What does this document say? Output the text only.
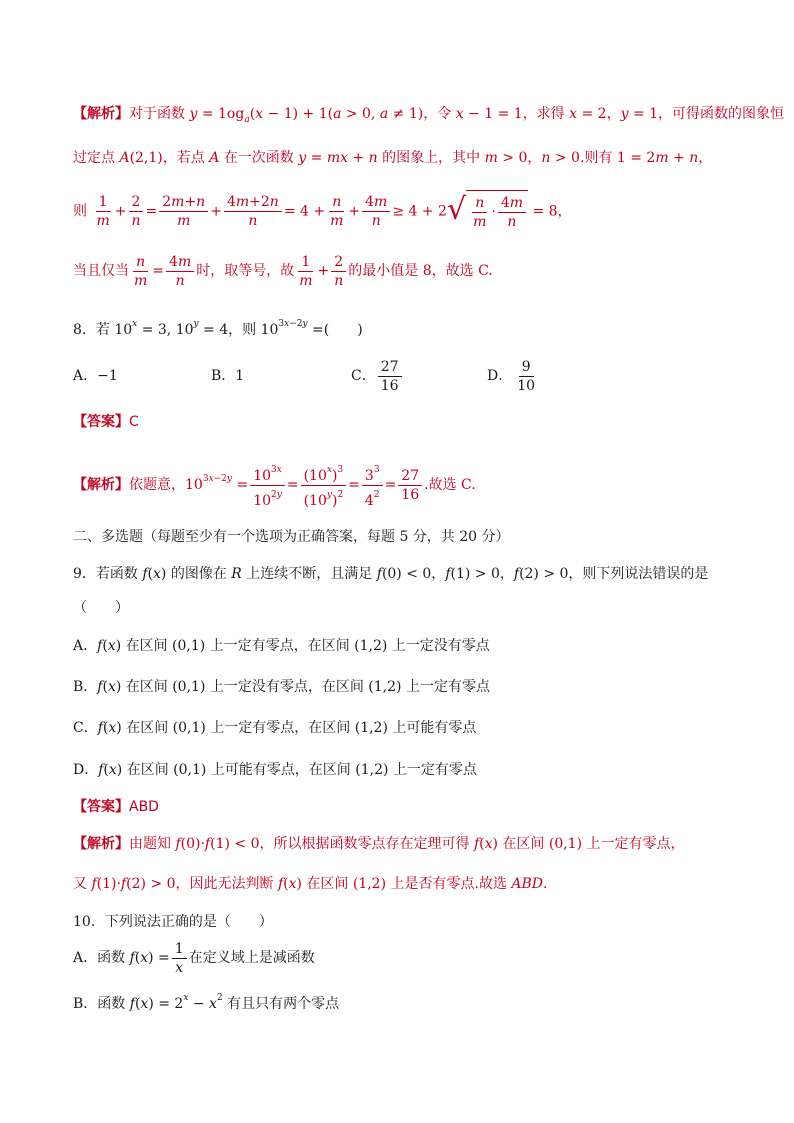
【解析】对于函数 $y = 1og_a(x - 1) + 1(a > 0$, a ≠ 1)，令 x − 1 = 1，求得 x = 2，y = 1，可得函数的图象恒
过定点 A(2,1)，若点 A 在一次函数 y = mx + n 的图象上，其中 m > 0，n > 0.则有 1 = 2m + n，
则 $\frac{1}{m} + \frac{2}{n} = \frac{2m+n}{m} + \frac{4m+2n}{n} = 4 + \frac{n}{m} + \frac{4m}{n} \ge 4 + 2$ √ $\frac{n}{m} \cdot \frac{4m}{n} = 8$，
当且仅当 $\frac{n}{m} = \frac{4m}{n}$ 时，取等号，故 $\frac{1}{m} + \frac{2}{n}$ 的最小值是 8，故选 C.
8．若 $10^x = 3$, $10^y = 4$，则 $10^{3x-2y}$ =(　　)
A．−1	B．1	C． $\frac{27}{16}$	D． $\frac{9}{10}$
【答案】C
【解析】依题意，$10^{3x-2y} = \frac{10^{3x}}{10^{2y}} = \frac{(10^x)^3}{(10^y)^2} = \frac{3^3}{4^2} = \frac{27}{16}$ .故选 C.
二、多选题（每题至少有一个选项为正确答案，每题 5 分，共 20 分）
9．若函数 f(x) 的图像在 R 上连续不断，且满足 f(0) < 0，f(1) > 0，f(2) > 0，则下列说法错误的是
（　　）
A．f(x) 在区间 (0,1) 上一定有零点，在区间 (1,2) 上一定没有零点
B．f(x) 在区间 (0,1) 上一定没有零点，在区间 (1,2) 上一定有零点
C．f(x) 在区间 (0,1) 上一定有零点，在区间 (1,2) 上可能有零点
D．f(x) 在区间 (0,1) 上可能有零点，在区间 (1,2) 上一定有零点
【答案】ABD
【解析】由题知 f(0)·f(1) < 0，所以根据函数零点存在定理可得 f(x) 在区间 (0,1) 上一定有零点，
又 f(1)·f(2) > 0，因此无法判断 f(x) 在区间 (1,2) 上是否有零点.故选 ABD.
10．下列说法正确的是（　　）
A．函数 $f(x) = \frac{1}{x}$ 在定义域上是减函数
B．函数 $f(x) = 2^x - x^2$ 有且只有两个零点
